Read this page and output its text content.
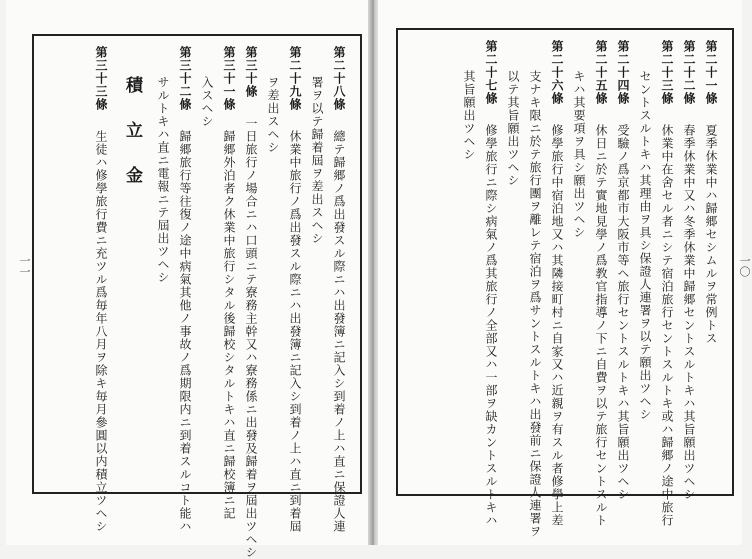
一一
第二十八條　總テ歸郷ノ爲出發スル際ニハ出發簿ニ記入シ到着ノ上ハ直ニ保證人連
署ヲ以テ歸着屆ヲ差出スヘシ
第二十九條　休業中旅行ノ爲出發スル際ニハ出發簿ニ記入シ到着ノ上ハ直ニ到着屆
ヲ差出スヘシ
第三十條　一日旅行ノ場合ニハ口頭ニテ寮務主幹又ハ寮務係ニ出發及歸着ヲ屆出ツヘシ
第三十一條　歸郷外泊者ク休業中旅行シタル後歸校シタルトキハ直ニ歸校簿ニ記
入スヘシ
第三十二條　歸郷旅行等往復ノ途中病氣其他ノ事故ノ爲期限内ニ到着スルコト能ハ
サルトキハ直ニ電報ニテ屆出ツヘシ
積立金
第三十三條　生徒ハ修學旅行費ニ充ツル爲毎年八月ヲ除キ毎月參圓以内積立ツヘシ	一〇
第二十一條　夏季休業中ハ歸郷セシムルヲ常例トス
第二十二條　春季休業中又ハ冬季休業中歸郷セントスルトキハ其旨願出ツヘシ
第二十三條　休業中在舍セル者ニシテ宿泊旅行セントスルトキ或ハ歸郷ノ途中旅行
セントスルトキハ其理由ヲ具シ保證人連署ヲ以テ願出ツヘシ
第二十四條　受驗ノ爲京都市大阪市等ヘ旅行セントスルトキハ其旨願出ツヘシ
第二十五條　休日ニ於テ實地見學ノ爲教官指導ノ下ニ自費ヲ以テ旅行セントスルト
キハ其要項ヲ具シ願出ツヘシ
第二十六條　修學旅行中宿泊地又ハ其隣接町村ニ自家又ハ近親ヲ有スル者修學上差
支ナキ限ニ於テ旅行團ヲ離レテ宿泊ヲ爲サントスルトキハ出發前ニ保證人連署ヲ
以テ其旨願出ツヘシ
第二十七條　修學旅行ニ際シ病氣ノ爲其旅行ノ全部又ハ一部ヲ缺カントスルトキハ
其旨願出ツヘシ
